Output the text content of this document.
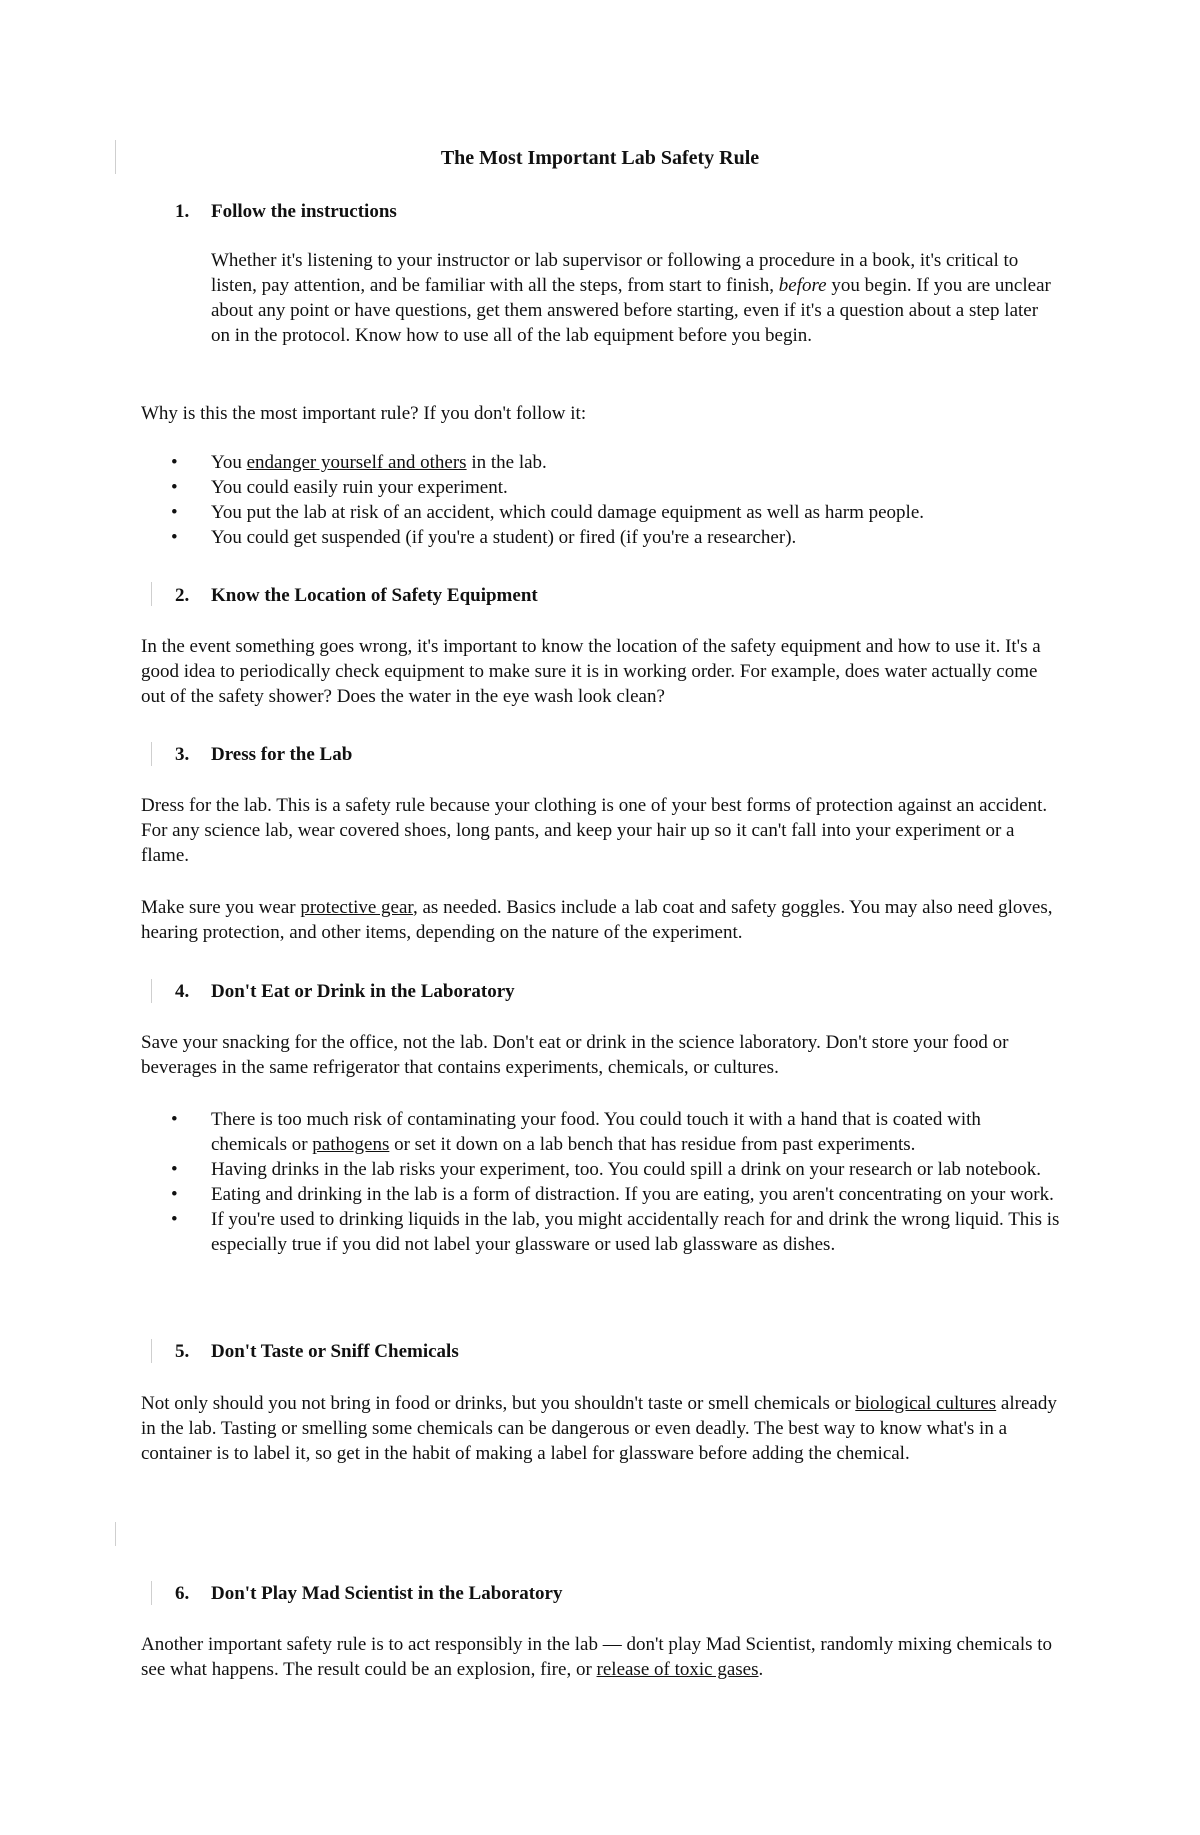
The Most Important Lab Safety Rule
1. Follow the instructions

Whether it's listening to your instructor or lab supervisor or following a procedure in a book, it's critical to listen, pay attention, and be familiar with all the steps, from start to finish, before you begin. If you are unclear about any point or have questions, get them answered before starting, even if it's a question about a step later on in the protocol. Know how to use all of the lab equipment before you begin.

Why is this the most important rule? If you don't follow it:

• You endanger yourself and others in the lab.
• You could easily ruin your experiment.
• You put the lab at risk of an accident, which could damage equipment as well as harm people.
• You could get suspended (if you're a student) or fired (if you're a researcher).
2. Know the Location of Safety Equipment

In the event something goes wrong, it's important to know the location of the safety equipment and how to use it. It's a good idea to periodically check equipment to make sure it is in working order. For example, does water actually come out of the safety shower? Does the water in the eye wash look clean?

3. Dress for the Lab

Dress for the lab. This is a safety rule because your clothing is one of your best forms of protection against an accident. For any science lab, wear covered shoes, long pants, and keep your hair up so it can't fall into your experiment or a flame.

Make sure you wear protective gear, as needed. Basics include a lab coat and safety goggles. You may also need gloves, hearing protection, and other items, depending on the nature of the experiment.

4. Don't Eat or Drink in the Laboratory

Save your snacking for the office, not the lab. Don't eat or drink in the science laboratory. Don't store your food or beverages in the same refrigerator that contains experiments, chemicals, or cultures.

• There is too much risk of contaminating your food. You could touch it with a hand that is coated with chemicals or pathogens or set it down on a lab bench that has residue from past experiments.
• Having drinks in the lab risks your experiment, too. You could spill a drink on your research or lab notebook.
• Eating and drinking in the lab is a form of distraction. If you are eating, you aren't concentrating on your work.
• If you're used to drinking liquids in the lab, you might accidentally reach for and drink the wrong liquid. This is especially true if you did not label your glassware or used lab glassware as dishes.
5. Don't Taste or Sniff Chemicals

Not only should you not bring in food or drinks, but you shouldn't taste or smell chemicals or biological cultures already in the lab. Tasting or smelling some chemicals can be dangerous or even deadly. The best way to know what's in a container is to label it, so get in the habit of making a label for glassware before adding the chemical.

6. Don't Play Mad Scientist in the Laboratory

Another important safety rule is to act responsibly in the lab — don't play Mad Scientist, randomly mixing chemicals to see what happens. The result could be an explosion, fire, or release of toxic gases.
